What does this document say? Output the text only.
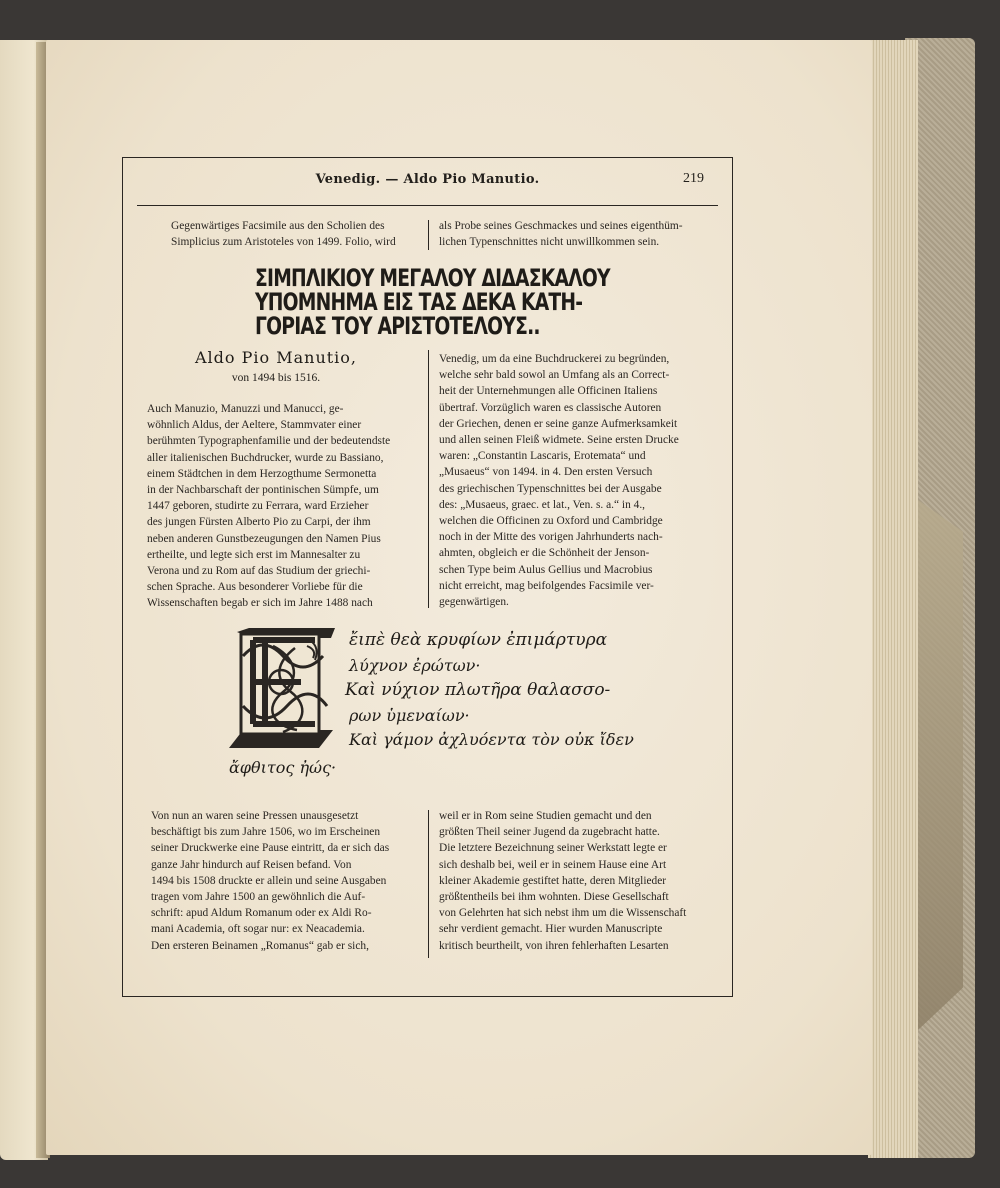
Venedig. — Aldo Pio Manutio.	219

Gegenwärtiges Facsimile aus den Scholien des

Simplicius zum Aristoteles von 1499. Folio, wird

als Probe seines Geschmackes und seines eigenthüm-

lichen Typenschnittes nicht unwillkommen sein.

ΣΙΜΠΛΙΚΙΟΥ ΜΕΓΑΛΟΥ ΔΙΔΑΣΚΑΛΟΥ
ΥΠΟΜΝΗΜΑ ΕΙΣ ΤΑΣ ΔΕΚΑ ΚΑΤΗ-
ΓΟΡΙΑΣ ΤΟΥ ΑΡΙΣΤΟΤΕΛΟΥΣ..
Aldo Pio Manutio,
von 1494 bis 1516.

Auch Manuzio, Manuzzi und Manucci, ge-

wöhnlich Aldus, der Aeltere, Stammvater einer

berühmten Typographenfamilie und der bedeutendste

aller italienischen Buchdrucker, wurde zu Bassiano,

einem Städtchen in dem Herzogthume Sermonetta

in der Nachbarschaft der pontinischen Sümpfe, um

1447 geboren, studirte zu Ferrara, ward Erzieher

des jungen Fürsten Alberto Pio zu Carpi, der ihm

neben anderen Gunstbezeugungen den Namen Pius

ertheilte, und legte sich erst im Mannesalter zu

Verona und zu Rom auf das Studium der griechi-

schen Sprache. Aus besonderer Vorliebe für die

Wissenschaften begab er sich im Jahre 1488 nach

Venedig, um da eine Buchdruckerei zu begründen,

welche sehr bald sowol an Umfang als an Correct-

heit der Unternehmungen alle Officinen Italiens

übertraf. Vorzüglich waren es classische Autoren

der Griechen, denen er seine ganze Aufmerksamkeit

und allen seinen Fleiß widmete. Seine ersten Drucke

waren: „Constantin Lascaris, Erotemata“ und

„Musaeus“ von 1494. in 4. Den ersten Versuch

des griechischen Typenschnittes bei der Ausgabe

des: „Musaeus, graec. et lat., Ven. s. a.“ in 4.,

welchen die Officinen zu Oxford und Cambridge

noch in der Mitte des vorigen Jahrhunderts nach-

ahmten, obgleich er die Schönheit der Jenson-

schen Type beim Aulus Gellius und Macrobius

nicht erreicht, mag beifolgendes Facsimile ver-

gegenwärtigen.

ἔιπὲ θεὰ κρυφίων ἐπιμάρτυρα
λύχνον ἐρώτων·
Καὶ νύχιον πλωτῆρα θαλασσο-
ρων ὑμεναίων·
Καὶ γάμον ἀχλυόεντα τὸν οὐκ ἴδεν
ἄφθιτος ἠώς·

Von nun an waren seine Pressen unausgesetzt

beschäftigt bis zum Jahre 1506, wo im Erscheinen

seiner Druckwerke eine Pause eintritt, da er sich das

ganze Jahr hindurch auf Reisen befand. Von

1494 bis 1508 druckte er allein und seine Ausgaben

tragen vom Jahre 1500 an gewöhnlich die Auf-

schrift: apud Aldum Romanum oder ex Aldi Ro-

mani Academia, oft sogar nur: ex Neacademia.

Den ersteren Beinamen „Romanus“ gab er sich,

weil er in Rom seine Studien gemacht und den

größten Theil seiner Jugend da zugebracht hatte.

Die letztere Bezeichnung seiner Werkstatt legte er

sich deshalb bei, weil er in seinem Hause eine Art

kleiner Akademie gestiftet hatte, deren Mitglieder

größtentheils bei ihm wohnten. Diese Gesellschaft

von Gelehrten hat sich nebst ihm um die Wissenschaft

sehr verdient gemacht. Hier wurden Manuscripte

kritisch beurtheilt, von ihren fehlerhaften Lesarten
